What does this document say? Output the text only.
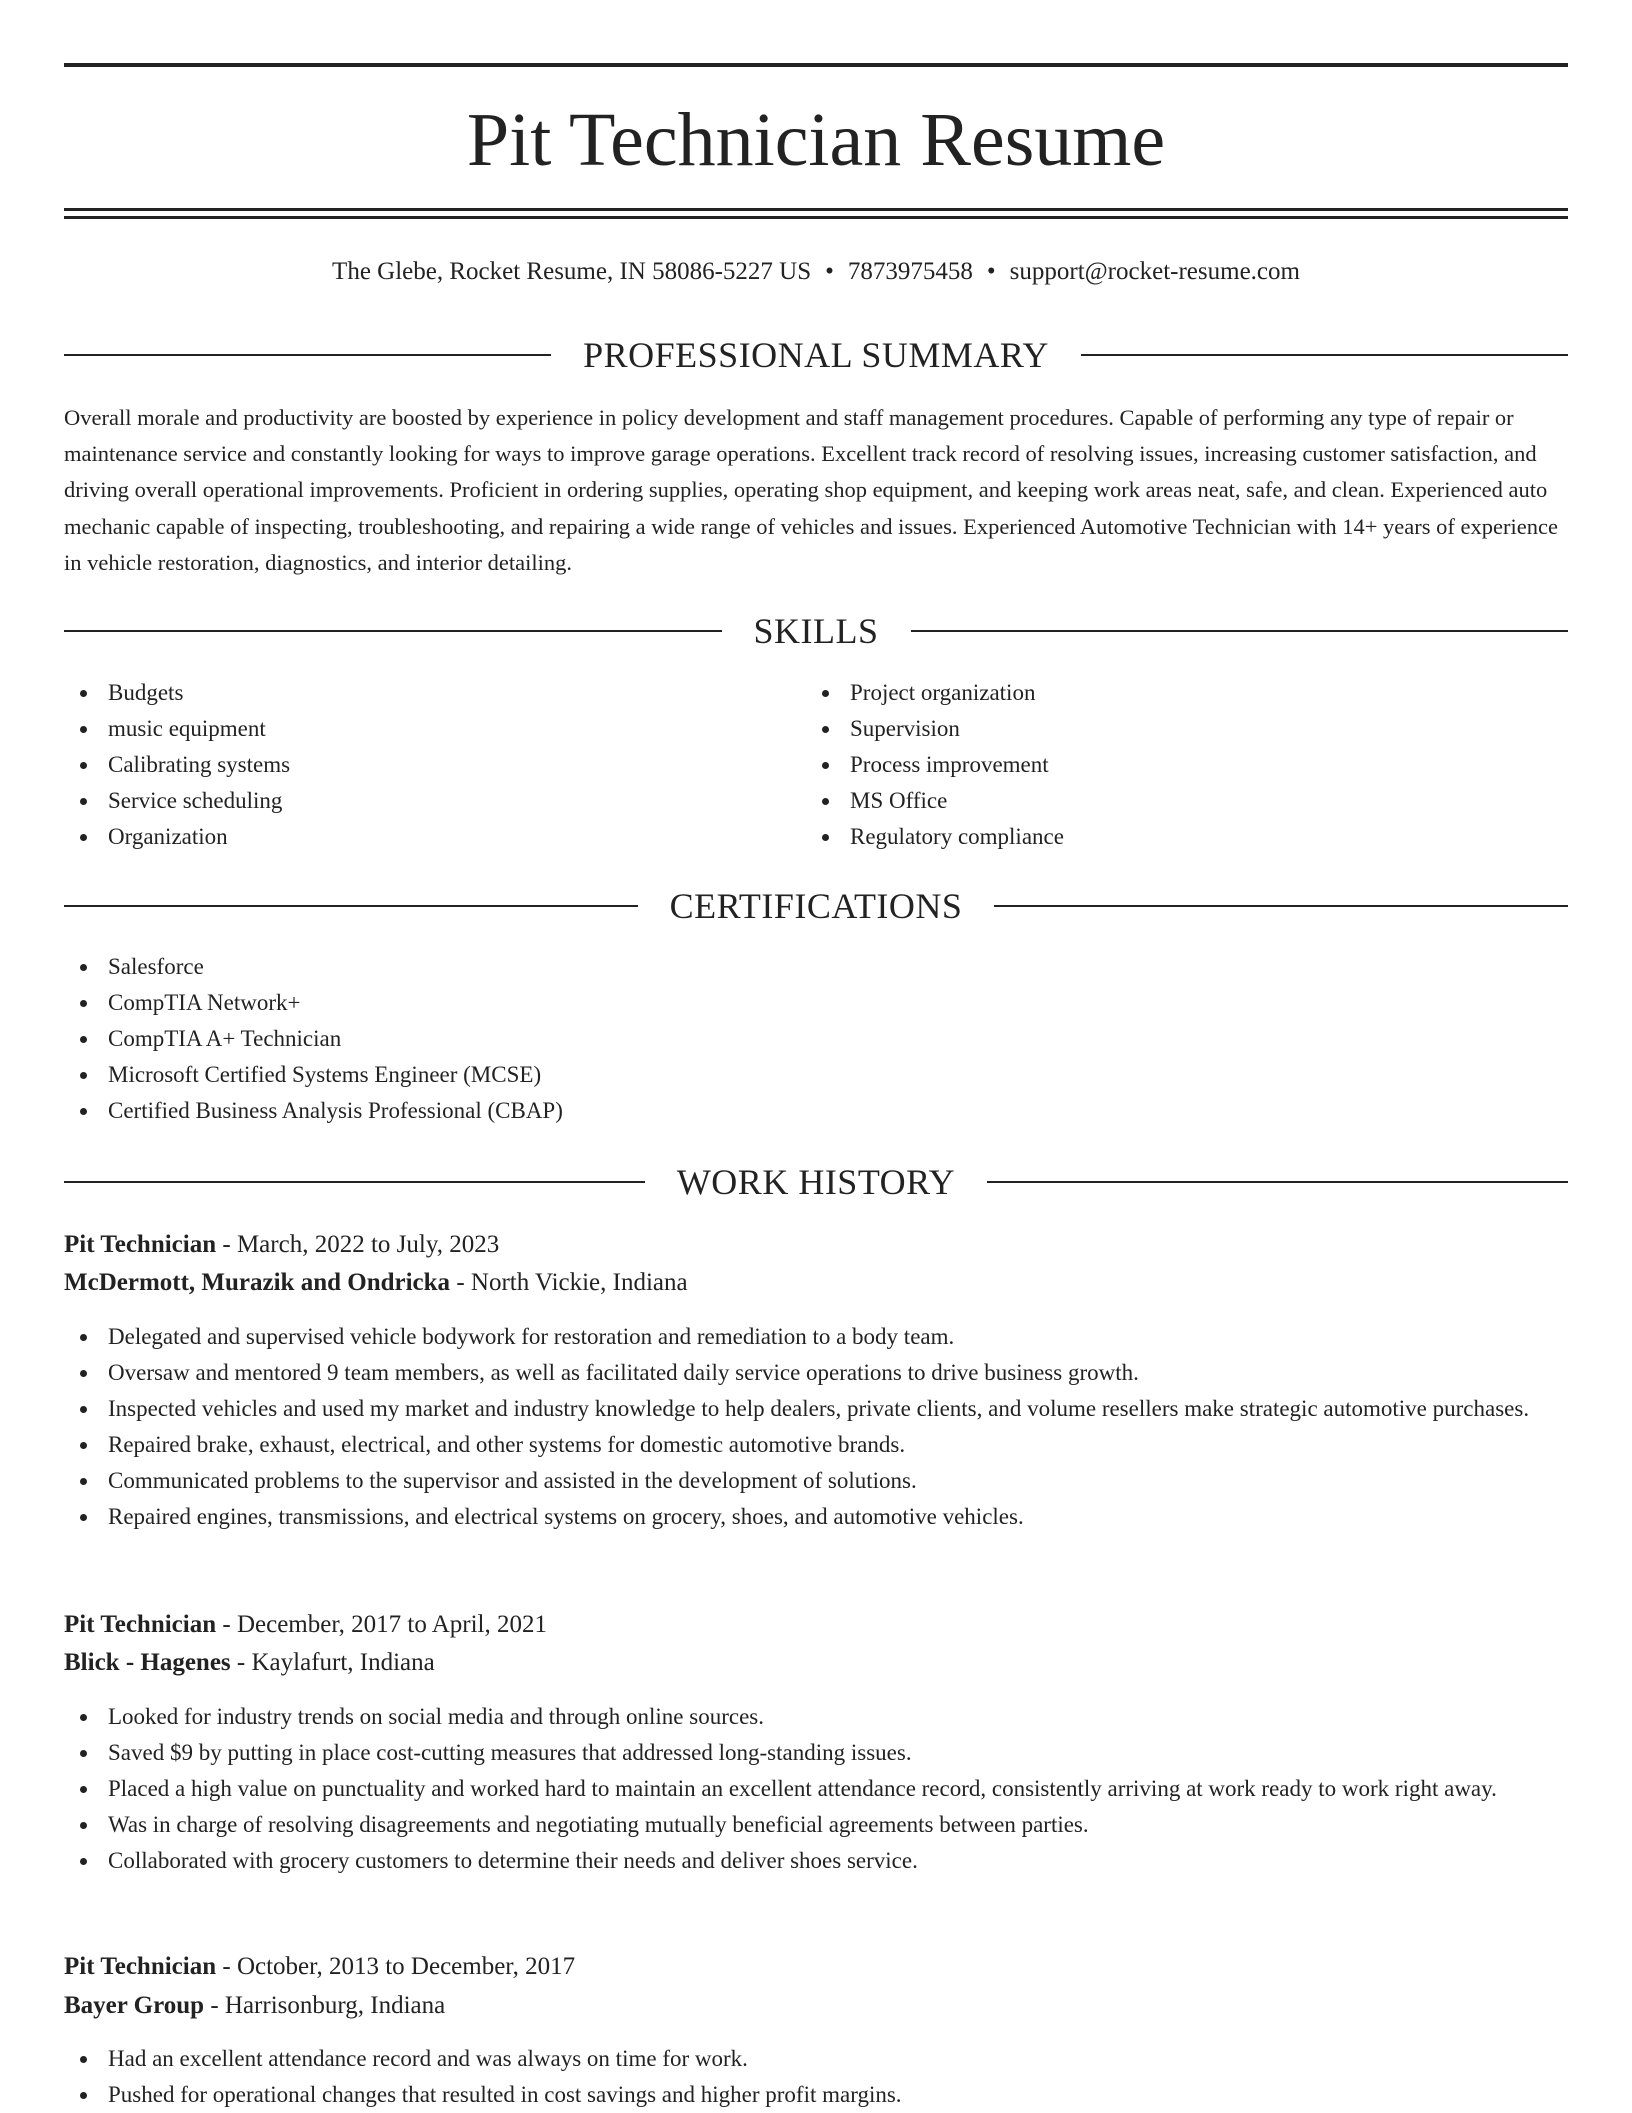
Pit Technician Resume
The Glebe, Rocket Resume, IN 58086-5227 US • 7873975458 • support@rocket-resume.com
PROFESSIONAL SUMMARY

Overall morale and productivity are boosted by experience in policy development and staff management procedures. Capable of performing any type of repair or maintenance service and constantly looking for ways to improve garage operations. Excellent track record of resolving issues, increasing customer satisfaction, and driving overall operational improvements. Proficient in ordering supplies, operating shop equipment, and keeping work areas neat, safe, and clean. Experienced auto mechanic capable of inspecting, troubleshooting, and repairing a wide range of vehicles and issues. Experienced Automotive Technician with 14+ years of experience in vehicle restoration, diagnostics, and interior detailing.

SKILLS
Budgets
music equipment
Calibrating systems
Service scheduling
Organization
Project organization
Supervision
Process improvement
MS Office
Regulatory compliance
CERTIFICATIONS
Salesforce
CompTIA Network+
CompTIA A+ Technician
Microsoft Certified Systems Engineer (MCSE)
Certified Business Analysis Professional (CBAP)
WORK HISTORY
Pit Technician - March, 2022 to July, 2023
McDermott, Murazik and Ondricka - North Vickie, Indiana
Delegated and supervised vehicle bodywork for restoration and remediation to a body team.
Oversaw and mentored 9 team members, as well as facilitated daily service operations to drive business growth.
Inspected vehicles and used my market and industry knowledge to help dealers, private clients, and volume resellers make strategic automotive purchases.
Repaired brake, exhaust, electrical, and other systems for domestic automotive brands.
Communicated problems to the supervisor and assisted in the development of solutions.
Repaired engines, transmissions, and electrical systems on grocery, shoes, and automotive vehicles.
Pit Technician - December, 2017 to April, 2021
Blick - Hagenes - Kaylafurt, Indiana
Looked for industry trends on social media and through online sources.
Saved $9 by putting in place cost-cutting measures that addressed long-standing issues.
Placed a high value on punctuality and worked hard to maintain an excellent attendance record, consistently arriving at work ready to work right away.
Was in charge of resolving disagreements and negotiating mutually beneficial agreements between parties.
Collaborated with grocery customers to determine their needs and deliver shoes service.
Pit Technician - October, 2013 to December, 2017
Bayer Group - Harrisonburg, Indiana
Had an excellent attendance record and was always on time for work.
Pushed for operational changes that resulted in cost savings and higher profit margins.
